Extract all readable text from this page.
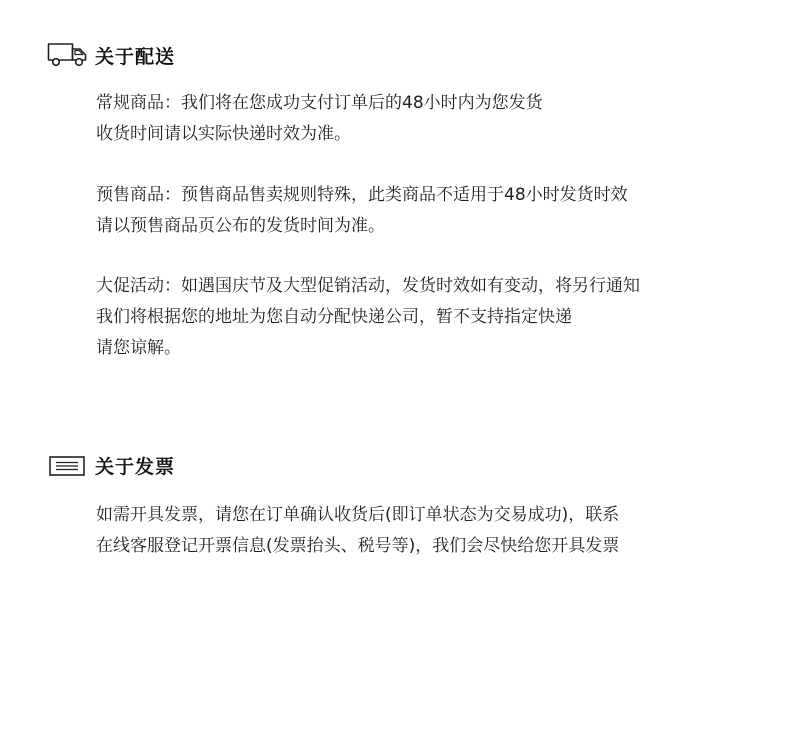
关于配送

常规商品：我们将在您成功支付订单后的48小时内为您发货

收货时间请以实际快递时效为准。

预售商品：预售商品售卖规则特殊，此类商品不适用于48小时发货时效

请以预售商品页公布的发货时间为准。

大促活动：如遇国庆节及大型促销活动，发货时效如有变动，将另行通知

我们将根据您的地址为您自动分配快递公司，暂不支持指定快递

请您谅解。

关于发票

如需开具发票，请您在订单确认收货后(即订单状态为交易成功)，联系

在线客服登记开票信息(发票抬头、税号等)，我们会尽快给您开具发票
